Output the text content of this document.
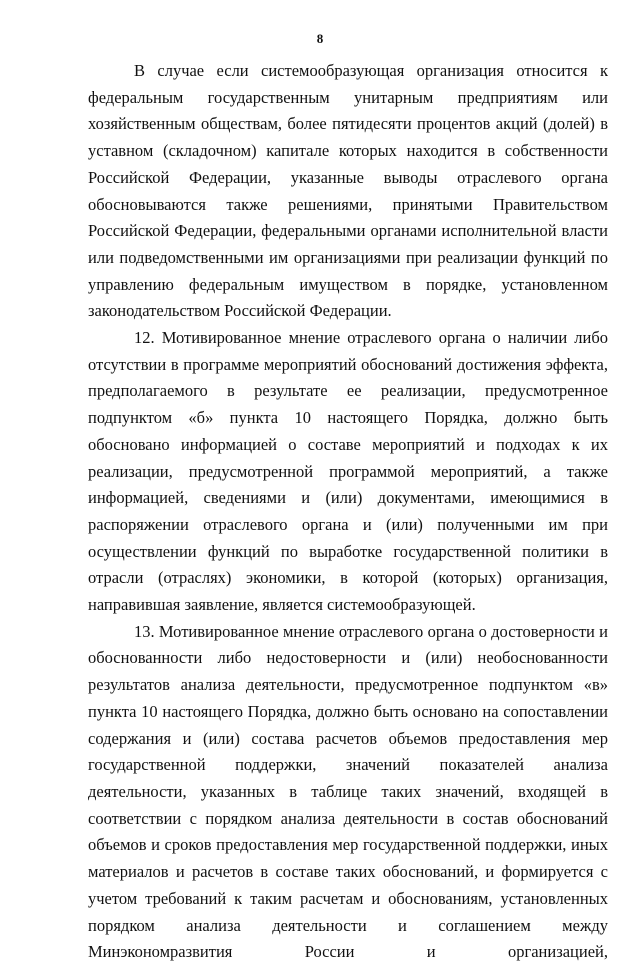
8

В случае если системообразующая организация относится к федеральным государственным унитарным предприятиям или хозяйственным обществам, более пятидесяти процентов акций (долей) в уставном (складочном) капитале которых находится в собственности Российской Федерации, указанные выводы отраслевого органа обосновываются также решениями, принятыми Правительством Российской Федерации, федеральными органами исполнительной власти или подведомственными им организациями при реализации функций по управлению федеральным имуществом в порядке, установленном законодательством Российской Федерации.

12. Мотивированное мнение отраслевого органа о наличии либо отсутствии в программе мероприятий обоснований достижения эффекта, предполагаемого в результате ее реализации, предусмотренное подпунктом «б» пункта 10 настоящего Порядка, должно быть обосновано информацией о составе мероприятий и подходах к их реализации, предусмотренной программой мероприятий, а также информацией, сведениями и (или) документами, имеющимися в распоряжении отраслевого органа и (или) полученными им при осуществлении функций по выработке государственной политики в отрасли (отраслях) экономики, в которой (которых) организация, направившая заявление, является системообразующей.

13. Мотивированное мнение отраслевого органа о достоверности и обоснованности либо недостоверности и (или) необоснованности результатов анализа деятельности, предусмотренное подпунктом «в» пункта 10 настоящего Порядка, должно быть основано на сопоставлении содержания и (или) состава расчетов объемов предоставления мер государственной поддержки, значений показателей анализа деятельности, указанных в таблице таких значений, входящей в соответствии с порядком анализа деятельности в состав обоснований объемов и сроков предоставления мер государственной поддержки, иных материалов и расчетов в составе таких обоснований, и формируется с учетом требований к таким расчетам и обоснованиям, установленных порядком анализа деятельности и соглашением между Минэкономразвития России и организацией,
